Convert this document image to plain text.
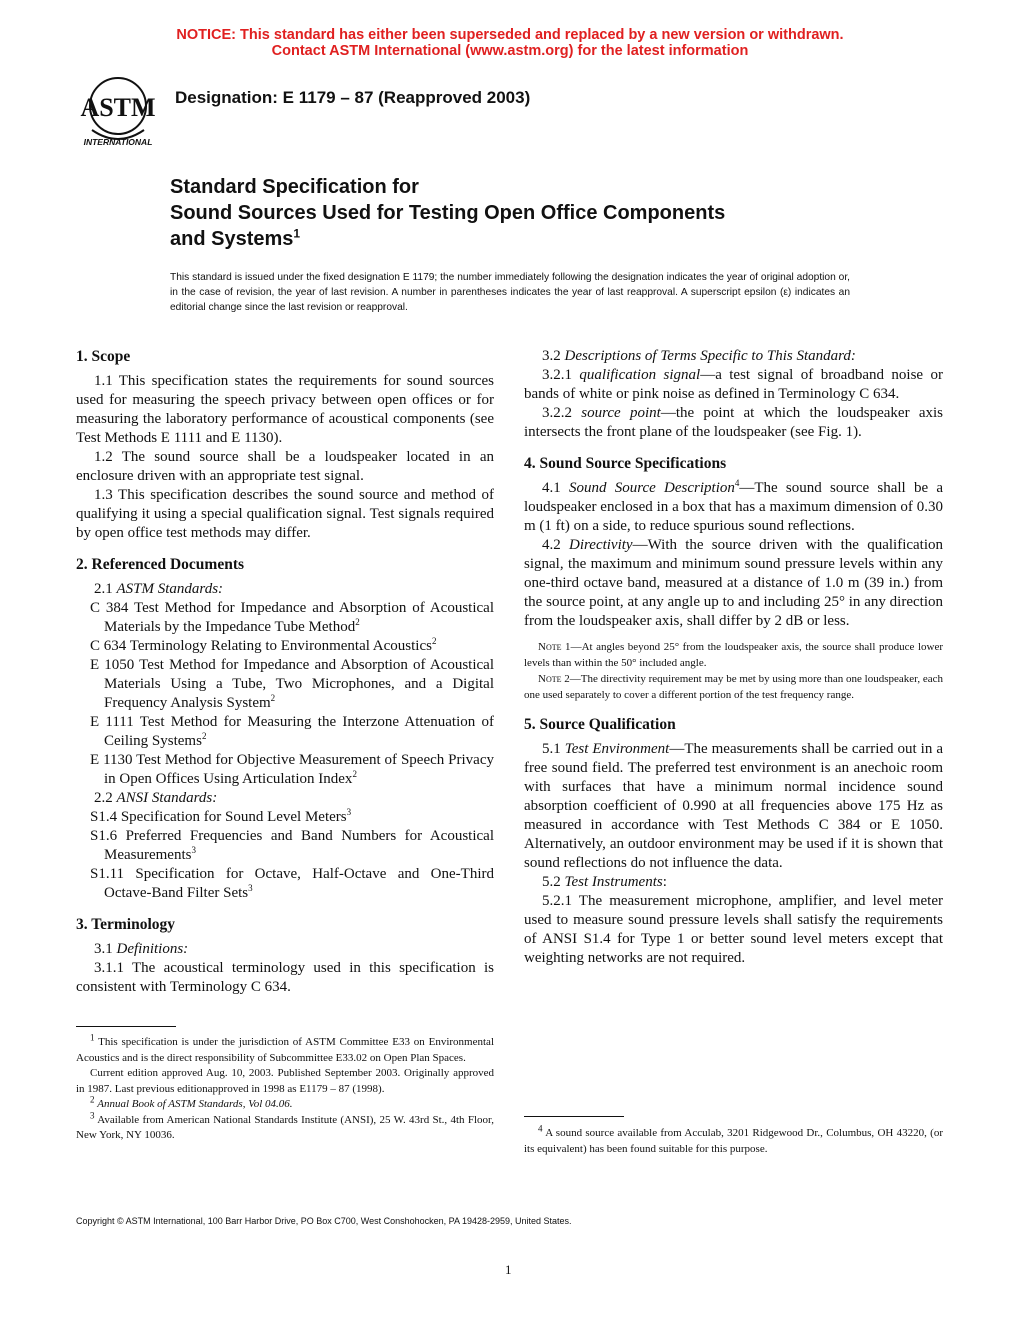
NOTICE: This standard has either been superseded and replaced by a new version or withdrawn.
Contact ASTM International (www.astm.org) for the latest information
ASTM
INTERNATIONAL
Designation: E 1179 – 87 (Reapproved 2003)
Standard Specification for
Sound Sources Used for Testing Open Office Components
and Systems$^1$
This standard is issued under the fixed designation E 1179; the number immediately following the designation indicates the year of original adoption or, in the case of revision, the year of last revision. A number in parentheses indicates the year of last reapproval. A superscript epsilon (ε) indicates an editorial change since the last revision or reapproval.
1. Scope

1.1 This specification states the requirements for sound sources used for measuring the speech privacy between open offices or for measuring the laboratory performance of acoustical components (see Test Methods E 1111 and E 1130).

1.2 The sound source shall be a loudspeaker located in an enclosure driven with an appropriate test signal.

1.3 This specification describes the sound source and method of qualifying it using a special qualification signal. Test signals required by open office test methods may differ.

2. Referenced Documents

2.1 ASTM Standards:

C 384 Test Method for Impedance and Absorption of Acoustical Materials by the Impedance Tube Method$^2$

C 634 Terminology Relating to Environmental Acoustics$^2$

E 1050 Test Method for Impedance and Absorption of Acoustical Materials Using a Tube, Two Microphones, and a Digital Frequency Analysis System$^2$

E 1111 Test Method for Measuring the Interzone Attenuation of Ceiling Systems$^2$

E 1130 Test Method for Objective Measurement of Speech Privacy in Open Offices Using Articulation Index$^2$

2.2 ANSI Standards:

S1.4 Specification for Sound Level Meters$^3$

S1.6 Preferred Frequencies and Band Numbers for Acoustical Measurements$^3$

S1.11 Specification for Octave, Half-Octave and One-Third Octave-Band Filter Sets$^3$

3. Terminology

3.1 Definitions:

3.1.1 The acoustical terminology used in this specification is consistent with Terminology C 634.

$^1$ This specification is under the jurisdiction of ASTM Committee E33 on Environmental Acoustics and is the direct responsibility of Subcommittee E33.02 on Open Plan Spaces.

Current edition approved Aug. 10, 2003. Published September 2003. Originally approved in 1987. Last previous editionapproved in 1998 as E1179 – 87 (1998).

$^2$ Annual Book of ASTM Standards, Vol 04.06.

$^3$ Available from American National Standards Institute (ANSI), 25 W. 43rd St., 4th Floor, New York, NY 10036.

3.2 Descriptions of Terms Specific to This Standard:

3.2.1 qualification signal—a test signal of broadband noise or bands of white or pink noise as defined in Terminology C 634.

3.2.2 source point—the point at which the loudspeaker axis intersects the front plane of the loudspeaker (see Fig. 1).

4. Sound Source Specifications

4.1 Sound Source Description$^4$—The sound source shall be a loudspeaker enclosed in a box that has a maximum dimension of 0.30 m (1 ft) on a side, to reduce spurious sound reflections.

4.2 Directivity—With the source driven with the qualification signal, the maximum and minimum sound pressure levels within any one-third octave band, measured at a distance of 1.0 m (39 in.) from the source point, at any angle up to and including 25° in any direction from the loudspeaker axis, shall differ by 2 dB or less.

Note 1—At angles beyond 25° from the loudspeaker axis, the source shall produce lower levels than within the 50° included angle.

Note 2—The directivity requirement may be met by using more than one loudspeaker, each one used separately to cover a different portion of the test frequency range.

5. Source Qualification

5.1 Test Environment—The measurements shall be carried out in a free sound field. The preferred test environment is an anechoic room with surfaces that have a minimum normal incidence sound absorption coefficient of 0.990 at all frequencies above 175 Hz as measured in accordance with Test Methods C 384 or E 1050. Alternatively, an outdoor environment may be used if it is shown that sound reflections do not influence the data.

5.2 Test Instruments:

5.2.1 The measurement microphone, amplifier, and level meter used to measure sound pressure levels shall satisfy the requirements of ANSI S1.4 for Type 1 or better sound level meters except that weighting networks are not required.

$^4$ A sound source available from Acculab, 3201 Ridgewood Dr., Columbus, OH 43220, (or its equivalent) has been found suitable for this purpose.

Copyright © ASTM International, 100 Barr Harbor Drive, PO Box C700, West Conshohocken, PA 19428-2959, United States.
1
